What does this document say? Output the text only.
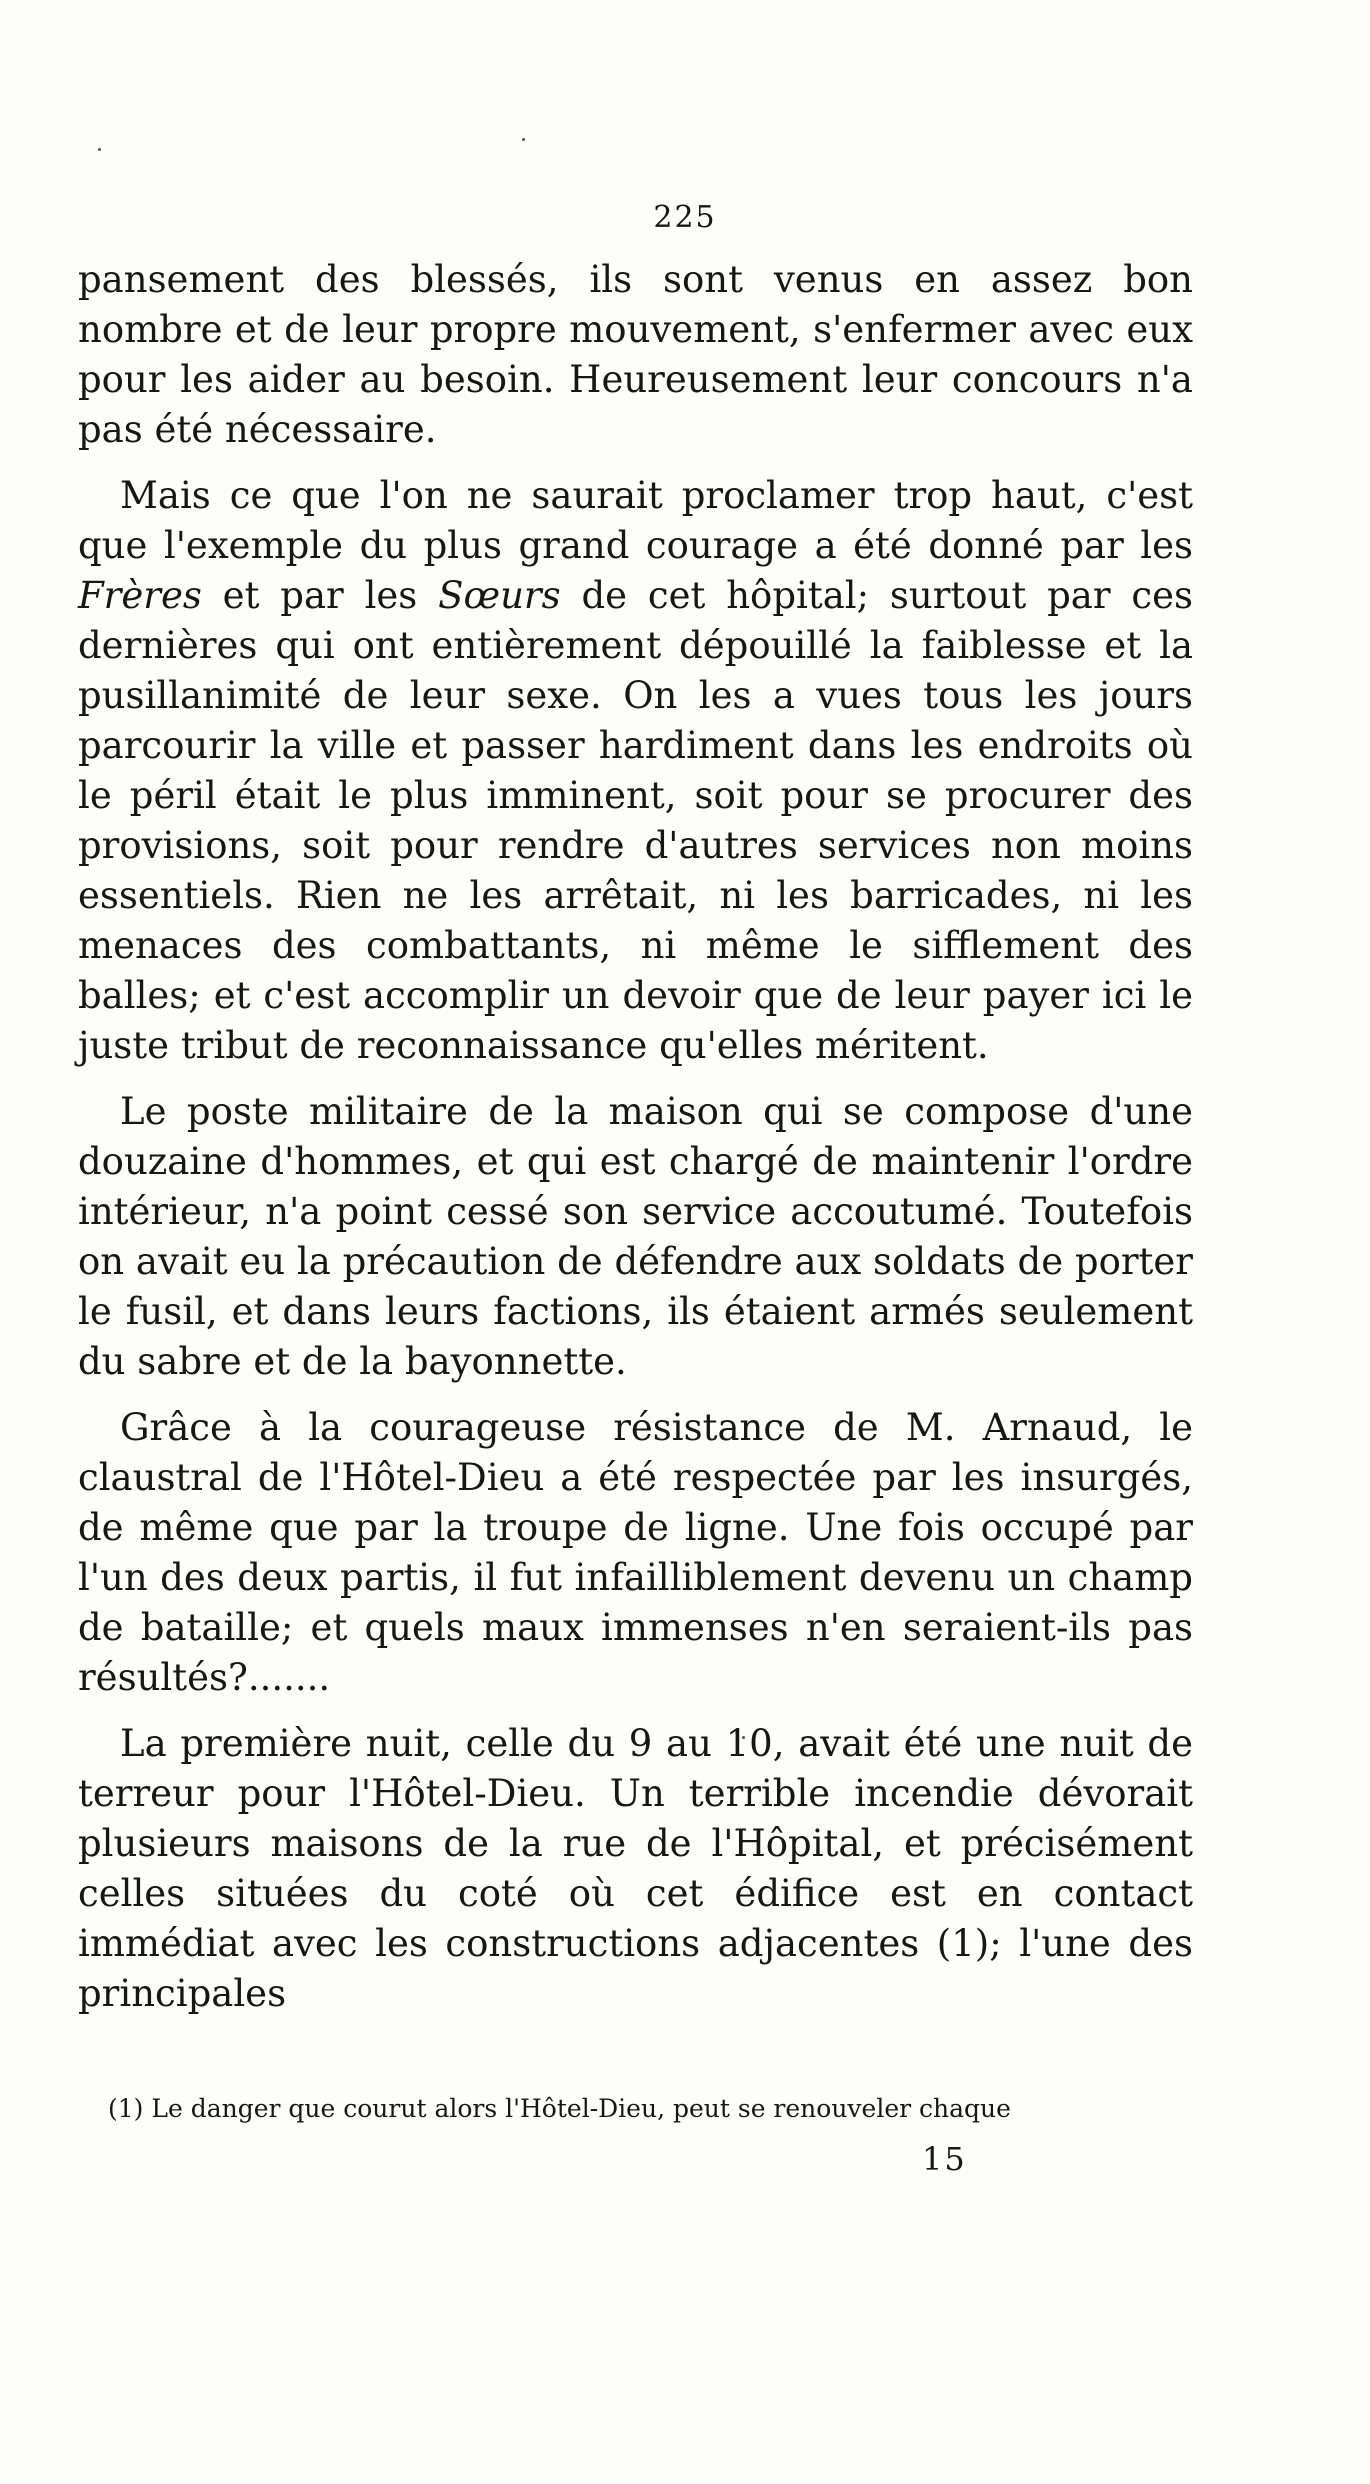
225

pansement des blessés, ils sont venus en assez bon nombre et de leur propre mouvement, s'enfermer avec eux pour les aider au besoin. Heureusement leur concours n'a pas été nécessaire.

Mais ce que l'on ne saurait proclamer trop haut, c'est que l'exemple du plus grand courage a été donné par les Frères et par les Sœurs de cet hôpital; surtout par ces dernières qui ont entièrement dépouillé la faiblesse et la pusillanimité de leur sexe. On les a vues tous les jours parcourir la ville et passer hardiment dans les endroits où le péril était le plus imminent, soit pour se procurer des provisions, soit pour rendre d'autres services non moins essentiels. Rien ne les arrêtait, ni les barricades, ni les menaces des combattants, ni même le sifflement des balles; et c'est accomplir un devoir que de leur payer ici le juste tribut de reconnaissance qu'elles méritent.

Le poste militaire de la maison qui se compose d'une douzaine d'hommes, et qui est chargé de maintenir l'ordre intérieur, n'a point cessé son service accoutumé. Toutefois on avait eu la précaution de défendre aux soldats de porter le fusil, et dans leurs factions, ils étaient armés seulement du sabre et de la bayonnette.

Grâce à la courageuse résistance de M. Arnaud, le claustral de l'Hôtel-Dieu a été respectée par les insurgés, de même que par la troupe de ligne. Une fois occupé par l'un des deux partis, il fut infailliblement devenu un champ de bataille; et quels maux immenses n'en seraient-ils pas résultés?.......

La première nuit, celle du 9 au 10, avait été une nuit de terreur pour l'Hôtel-Dieu. Un terrible incendie dévorait plusieurs maisons de la rue de l'Hôpital, et précisément celles situées du coté où cet édifice est en contact immédiat avec les constructions adjacentes (1); l'une des principales

(1) Le danger que courut alors l'Hôtel-Dieu, peut se renouveler chaque

15
